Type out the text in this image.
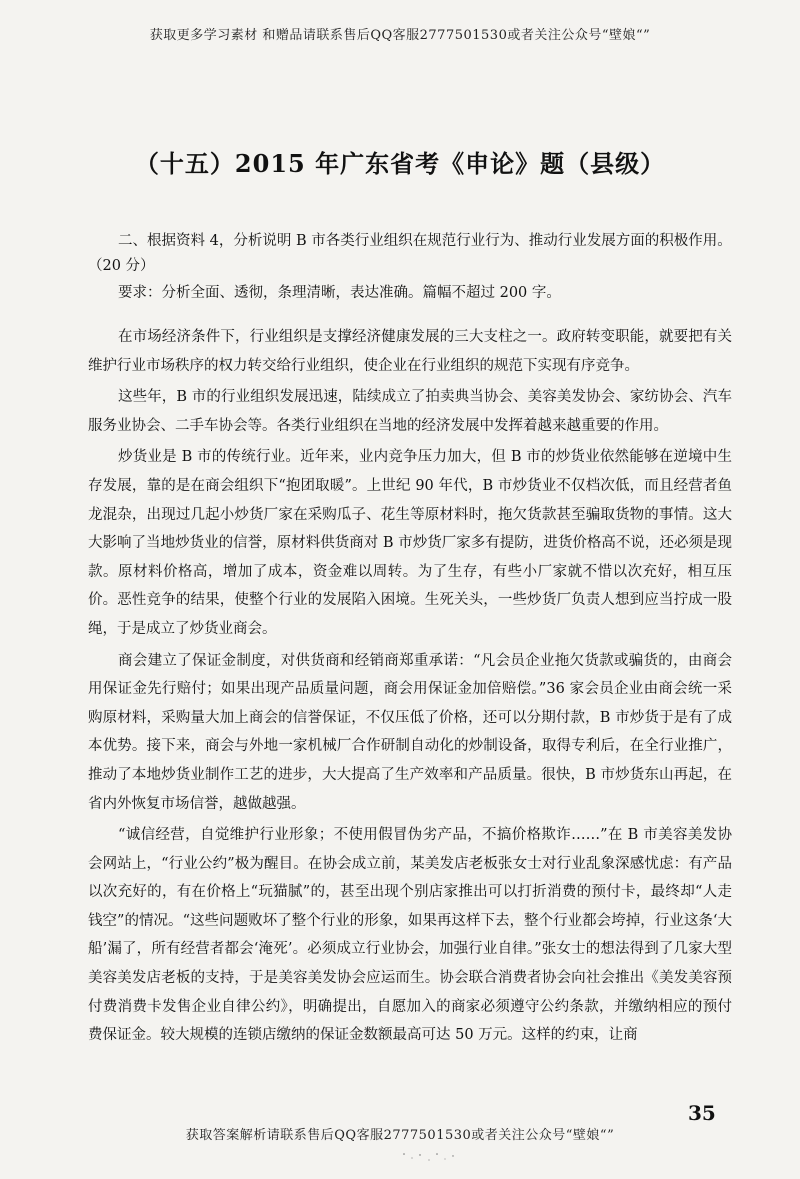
获取更多学习素材 和赠品请联系售后QQ客服2777501530或者关注公众号“壁娘“”
（十五）2015 年广东省考《申论》题（县级）
二、根据资料 4，分析说明 B 市各类行业组织在规范行业行为、推动行业发展方面的积极作用。（20 分）
要求：分析全面、透彻，条理清晰，表达准确。篇幅不超过 200 字。

在市场经济条件下，行业组织是支撑经济健康发展的三大支柱之一。政府转变职能，就要把有关维护行业市场秩序的权力转交给行业组织，使企业在行业组织的规范下实现有序竞争。

这些年，B 市的行业组织发展迅速，陆续成立了拍卖典当协会、美容美发协会、家纺协会、汽车服务业协会、二手车协会等。各类行业组织在当地的经济发展中发挥着越来越重要的作用。

炒货业是 B 市的传统行业。近年来，业内竞争压力加大，但 B 市的炒货业依然能够在逆境中生存发展，靠的是在商会组织下“抱团取暖”。上世纪 90 年代，B 市炒货业不仅档次低，而且经营者鱼龙混杂，出现过几起小炒货厂家在采购瓜子、花生等原材料时，拖欠货款甚至骗取货物的事情。这大大影响了当地炒货业的信誉，原材料供货商对 B 市炒货厂家多有提防，进货价格高不说，还必须是现款。原材料价格高，增加了成本，资金难以周转。为了生存，有些小厂家就不惜以次充好，相互压价。恶性竞争的结果，使整个行业的发展陷入困境。生死关头，一些炒货厂负责人想到应当拧成一股绳，于是成立了炒货业商会。

商会建立了保证金制度，对供货商和经销商郑重承诺：“凡会员企业拖欠货款或骗货的，由商会用保证金先行赔付；如果出现产品质量问题，商会用保证金加倍赔偿。”36 家会员企业由商会统一采购原材料，采购量大加上商会的信誉保证，不仅压低了价格，还可以分期付款，B 市炒货于是有了成本优势。接下来，商会与外地一家机械厂合作研制自动化的炒制设备，取得专利后，在全行业推广，推动了本地炒货业制作工艺的进步，大大提高了生产效率和产品质量。很快，B 市炒货东山再起，在省内外恢复市场信誉，越做越强。

“诚信经营，自觉维护行业形象；不使用假冒伪劣产品，不搞价格欺诈……”在 B 市美容美发协会网站上，“行业公约”极为醒目。在协会成立前，某美发店老板张女士对行业乱象深感忧虑：有产品以次充好的，有在价格上“玩猫腻”的，甚至出现个别店家推出可以打折消费的预付卡，最终却“人走钱空”的情况。“这些问题败坏了整个行业的形象，如果再这样下去，整个行业都会垮掉，行业这条‘大船’漏了，所有经营者都会‘淹死’。必须成立行业协会，加强行业自律。”张女士的想法得到了几家大型美容美发店老板的支持，于是美容美发协会应运而生。协会联合消费者协会向社会推出《美发美容预付费消费卡发售企业自律公约》，明确提出，自愿加入的商家必须遵守公约条款，并缴纳相应的预付费保证金。较大规模的连锁店缴纳的保证金数额最高可达 50 万元。这样的约束，让商

35
获取答案解析请联系售后QQ客服2777501530或者关注公众号“壁娘“”
